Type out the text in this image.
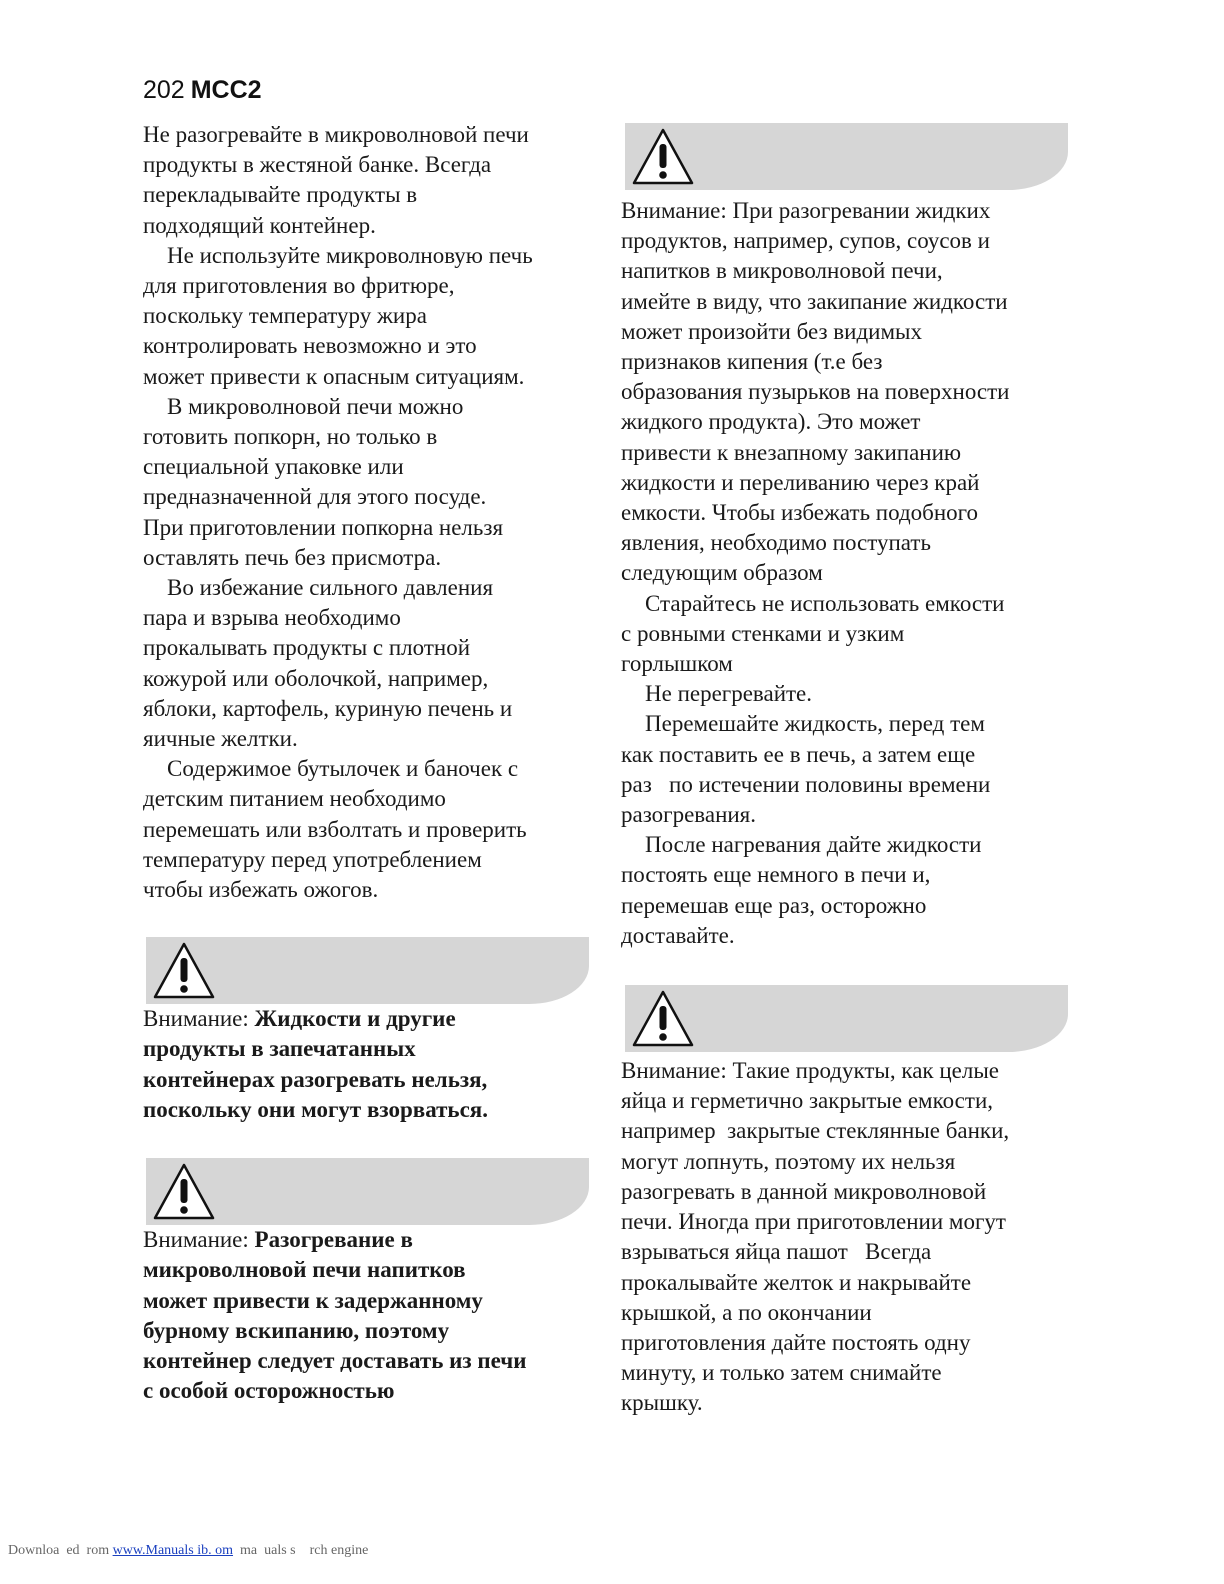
202 MCC2
Не разогревайте в микроволновой печи
продукты в жестяной банке. Всегда
перекладывайте продукты в
подходящий контейнер.
Не используйте микроволновую печь
для приготовления во фритюре,
поскольку температуру жира
контролировать невозможно и это
может привести к опасным ситуациям.
В микроволновой печи можно
готовить попкорн, но только в
специальной упаковке или
предназначенной для этого посуде.
При приготовлении попкорна нельзя
оставлять печь без присмотра.
Во избежание сильного давления
пара и взрыва необходимо
прокалывать продукты с плотной
кожурой или оболочкой, например,
яблоки, картофель, куриную печень и
яичные желтки.
Содержимое бутылочек и баночек с
детским питанием необходимо
перемешать или взболтать и проверить
температуру перед употреблением
чтобы избежать ожогов.
Внимание: Жидкости и другие
продукты в запечатанных
контейнерах разогревать нельзя,
поскольку они могут взорваться.
Внимание: Разогревание в
микроволновой печи напитков
может привести к задержанному
бурному вскипанию, поэтому
контейнер следует доставать из печи
с особой осторожностью
Внимание: При разогревании жидких
продуктов, например, супов, соусов и
напитков в микроволновой печи,
имейте в виду, что закипание жидкости
может произойти без видимых
признаков кипения (т.е без
образования пузырьков на поверхности
жидкого продукта). Это может
привести к внезапному закипанию
жидкости и переливанию через край
емкости. Чтобы избежать подобного
явления, необходимо поступать
следующим образом
Старайтесь не использовать емкости
с ровными стенками и узким
горлышком
Не перегревайте.
Перемешайте жидкость, перед тем
как поставить ее в печь, а затем еще
раз   по истечении половины времени
разогревания.
После нагревания дайте жидкости
постоять еще немного в печи и,
перемешав еще раз, осторожно
доставайте.
Внимание: Такие продукты, как целые
яйца и герметично закрытые емкости,
например  закрытые стеклянные банки,
могут лопнуть, поэтому их нельзя
разогревать в данной микроволновой
печи. Иногда при приготовлении могут
взрываться яйца пашот   Всегда
прокалывайте желток и накрывайте
крышкой, а по окончании
приготовления дайте постоять одну
минуту, и только затем снимайте
крышку.
Downloa  ed  rom www.Manuals ib. om  ma  uals s    rch engine
